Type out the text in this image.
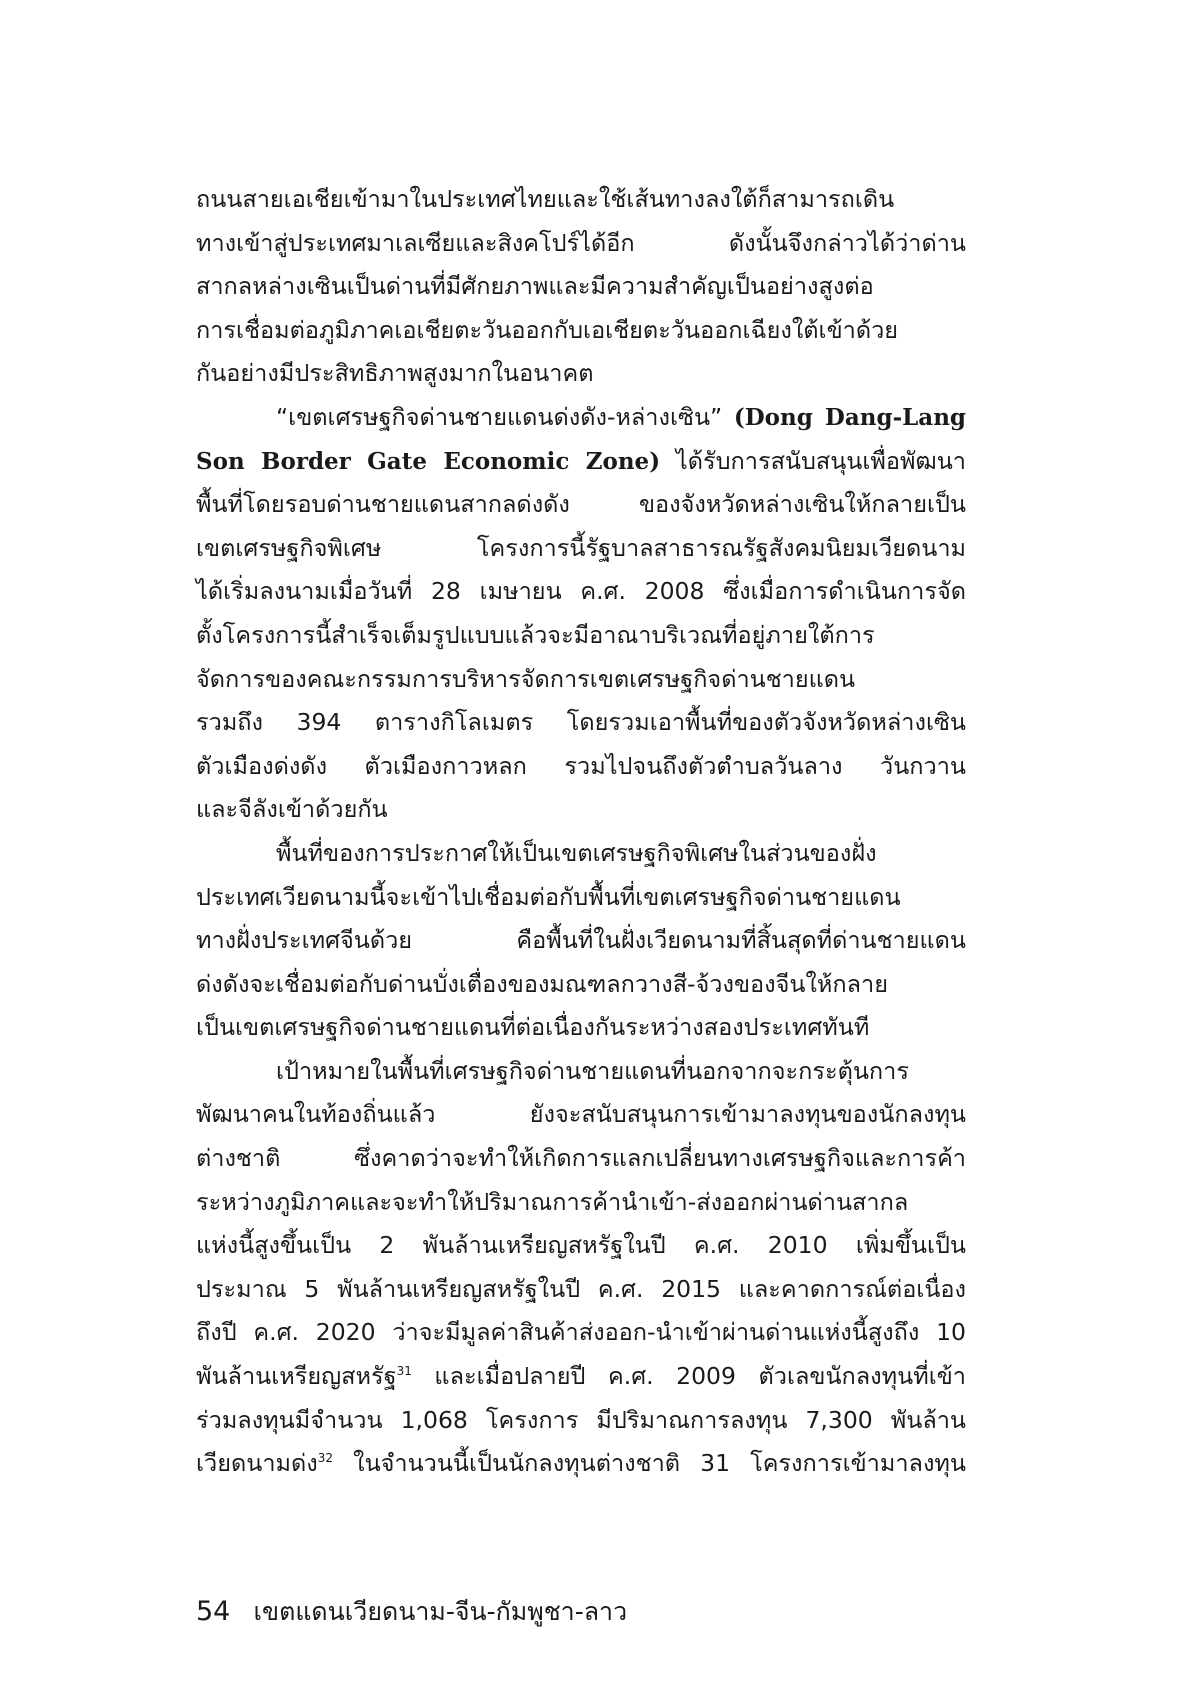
ถนนสายเอเชียเข้ามาในประเทศไทยและใช้เส้นทางลงใต้ก็สามารถเดิน
ทางเข้าสู่ประเทศมาเลเซียและสิงคโปร์ได้อีก ดังนั้นจึงกล่าวได้ว่าด่าน
สากลหล่างเซินเป็นด่านที่มีศักยภาพและมีความสำคัญเป็นอย่างสูงต่อ
การเชื่อมต่อภูมิภาคเอเชียตะวันออกกับเอเชียตะวันออกเฉียงใต้เข้าด้วย
กันอย่างมีประสิทธิภาพสูงมากในอนาคต
“เขตเศรษฐกิจด่านชายแดนด่งดัง-หล่างเซิน” (Dong Dang-Lang
Son Border Gate Economic Zone) ได้รับการสนับสนุนเพื่อพัฒนา
พื้นที่โดยรอบด่านชายแดนสากลด่งดัง ของจังหวัดหล่างเซินให้กลายเป็น
เขตเศรษฐกิจพิเศษ โครงการนี้รัฐบาลสาธารณรัฐสังคมนิยมเวียดนาม
ได้เริ่มลงนามเมื่อวันที่ 28 เมษายน ค.ศ. 2008 ซึ่งเมื่อการดำเนินการจัด
ตั้งโครงการนี้สำเร็จเต็มรูปแบบแล้วจะมีอาณาบริเวณที่อยู่ภายใต้การ
จัดการของคณะกรรมการบริหารจัดการเขตเศรษฐกิจด่านชายแดน
รวมถึง 394 ตารางกิโลเมตร โดยรวมเอาพื้นที่ของตัวจังหวัดหล่างเซิน
ตัวเมืองด่งดัง ตัวเมืองกาวหลก รวมไปจนถึงตัวตำบลวันลาง วันกวาน
และจีลังเข้าด้วยกัน
พื้นที่ของการประกาศให้เป็นเขตเศรษฐกิจพิเศษในส่วนของฝั่ง
ประเทศเวียดนามนี้จะเข้าไปเชื่อมต่อกับพื้นที่เขตเศรษฐกิจด่านชายแดน
ทางฝั่งประเทศจีนด้วย คือพื้นที่ในฝั่งเวียดนามที่สิ้นสุดที่ด่านชายแดน
ด่งดังจะเชื่อมต่อกับด่านบั่งเตื่องของมณฑลกวางสี-จ้วงของจีนให้กลาย
เป็นเขตเศรษฐกิจด่านชายแดนที่ต่อเนื่องกันระหว่างสองประเทศทันที
เป้าหมายในพื้นที่เศรษฐกิจด่านชายแดนที่นอกจากจะกระตุ้นการ
พัฒนาคนในท้องถิ่นแล้ว ยังจะสนับสนุนการเข้ามาลงทุนของนักลงทุน
ต่างชาติ ซึ่งคาดว่าจะทำให้เกิดการแลกเปลี่ยนทางเศรษฐกิจและการค้า
ระหว่างภูมิภาคและจะทำให้ปริมาณการค้านำเข้า-ส่งออกผ่านด่านสากล
แห่งนี้สูงขึ้นเป็น 2 พันล้านเหรียญสหรัฐในปี ค.ศ. 2010 เพิ่มขึ้นเป็น
ประมาณ 5 พันล้านเหรียญสหรัฐในปี ค.ศ. 2015 และคาดการณ์ต่อเนื่อง
ถึงปี ค.ศ. 2020 ว่าจะมีมูลค่าสินค้าส่งออก-นำเข้าผ่านด่านแห่งนี้สูงถึง 10
พันล้านเหรียญสหรัฐ$^{31}$ และเมื่อปลายปี ค.ศ. 2009 ตัวเลขนักลงทุนที่เข้า
ร่วมลงทุนมีจำนวน 1,068 โครงการ มีปริมาณการลงทุน 7,300 พันล้าน
เวียดนามด่ง$^{32}$ ในจำนวนนี้เป็นนักลงทุนต่างชาติ 31 โครงการเข้ามาลงทุน
54 เขตแดนเวียดนาม-จีน-กัมพูชา-ลาว
